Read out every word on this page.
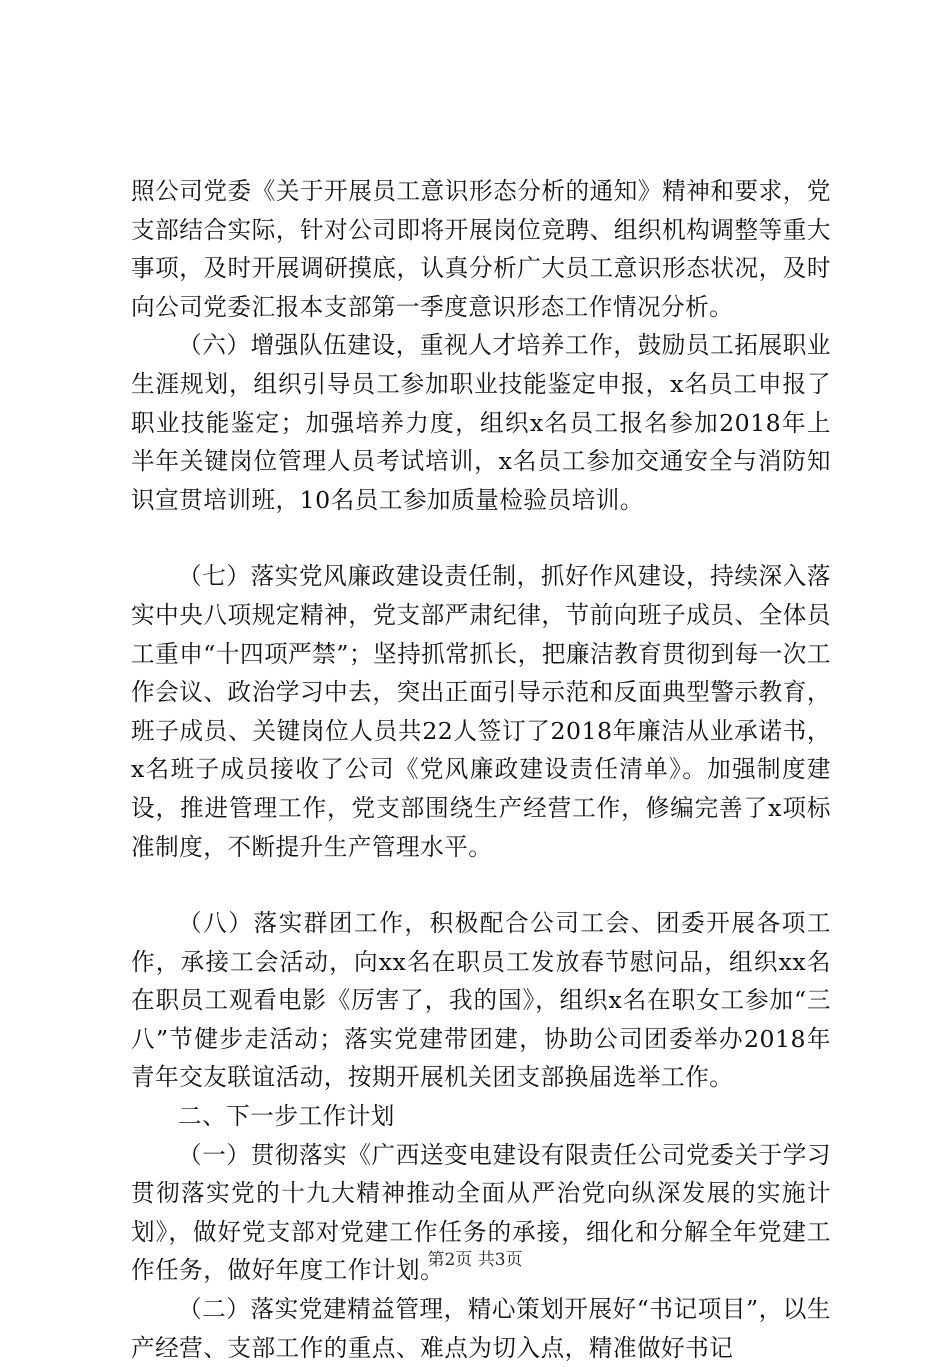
照公司党委《关于开展员工意识形态分析的通知》精神和要求，党支部结合实际，针对公司即将开展岗位竞聘、组织机构调整等重大事项，及时开展调研摸底，认真分析广大员工意识形态状况，及时向公司党委汇报本支部第一季度意识形态工作情况分析。

（六）增强队伍建设，重视人才培养工作，鼓励员工拓展职业生涯规划，组织引导员工参加职业技能鉴定申报，x名员工申报了职业技能鉴定；加强培养力度，组织x名员工报名参加2018年上半年关键岗位管理人员考试培训，x名员工参加交通安全与消防知识宣贯培训班，10名员工参加质量检验员培训。

（七）落实党风廉政建设责任制，抓好作风建设，持续深入落实中央八项规定精神，党支部严肃纪律，节前向班子成员、全体员工重申“十四项严禁”；坚持抓常抓长，把廉洁教育贯彻到每一次工作会议、政治学习中去，突出正面引导示范和反面典型警示教育，班子成员、关键岗位人员共22人签订了2018年廉洁从业承诺书，x名班子成员接收了公司《党风廉政建设责任清单》。加强制度建设，推进管理工作，党支部围绕生产经营工作，修编完善了x项标准制度，不断提升生产管理水平。

（八）落实群团工作，积极配合公司工会、团委开展各项工作，承接工会活动，向xx名在职员工发放春节慰问品，组织xx名在职员工观看电影《厉害了，我的国》，组织x名在职女工参加“三八”节健步走活动；落实党建带团建，协助公司团委举办2018年青年交友联谊活动，按期开展机关团支部换届选举工作。

二、下一步工作计划

（一）贯彻落实《广西送变电建设有限责任公司党委关于学习贯彻落实党的十九大精神推动全面从严治党向纵深发展的实施计划》，做好党支部对党建工作任务的承接，细化和分解全年党建工作任务，做好年度工作计划。

（二）落实党建精益管理，精心策划开展好“书记项目”，以生产经营、支部工作的重点、难点为切入点，精准做好书记

第2页 共3页
